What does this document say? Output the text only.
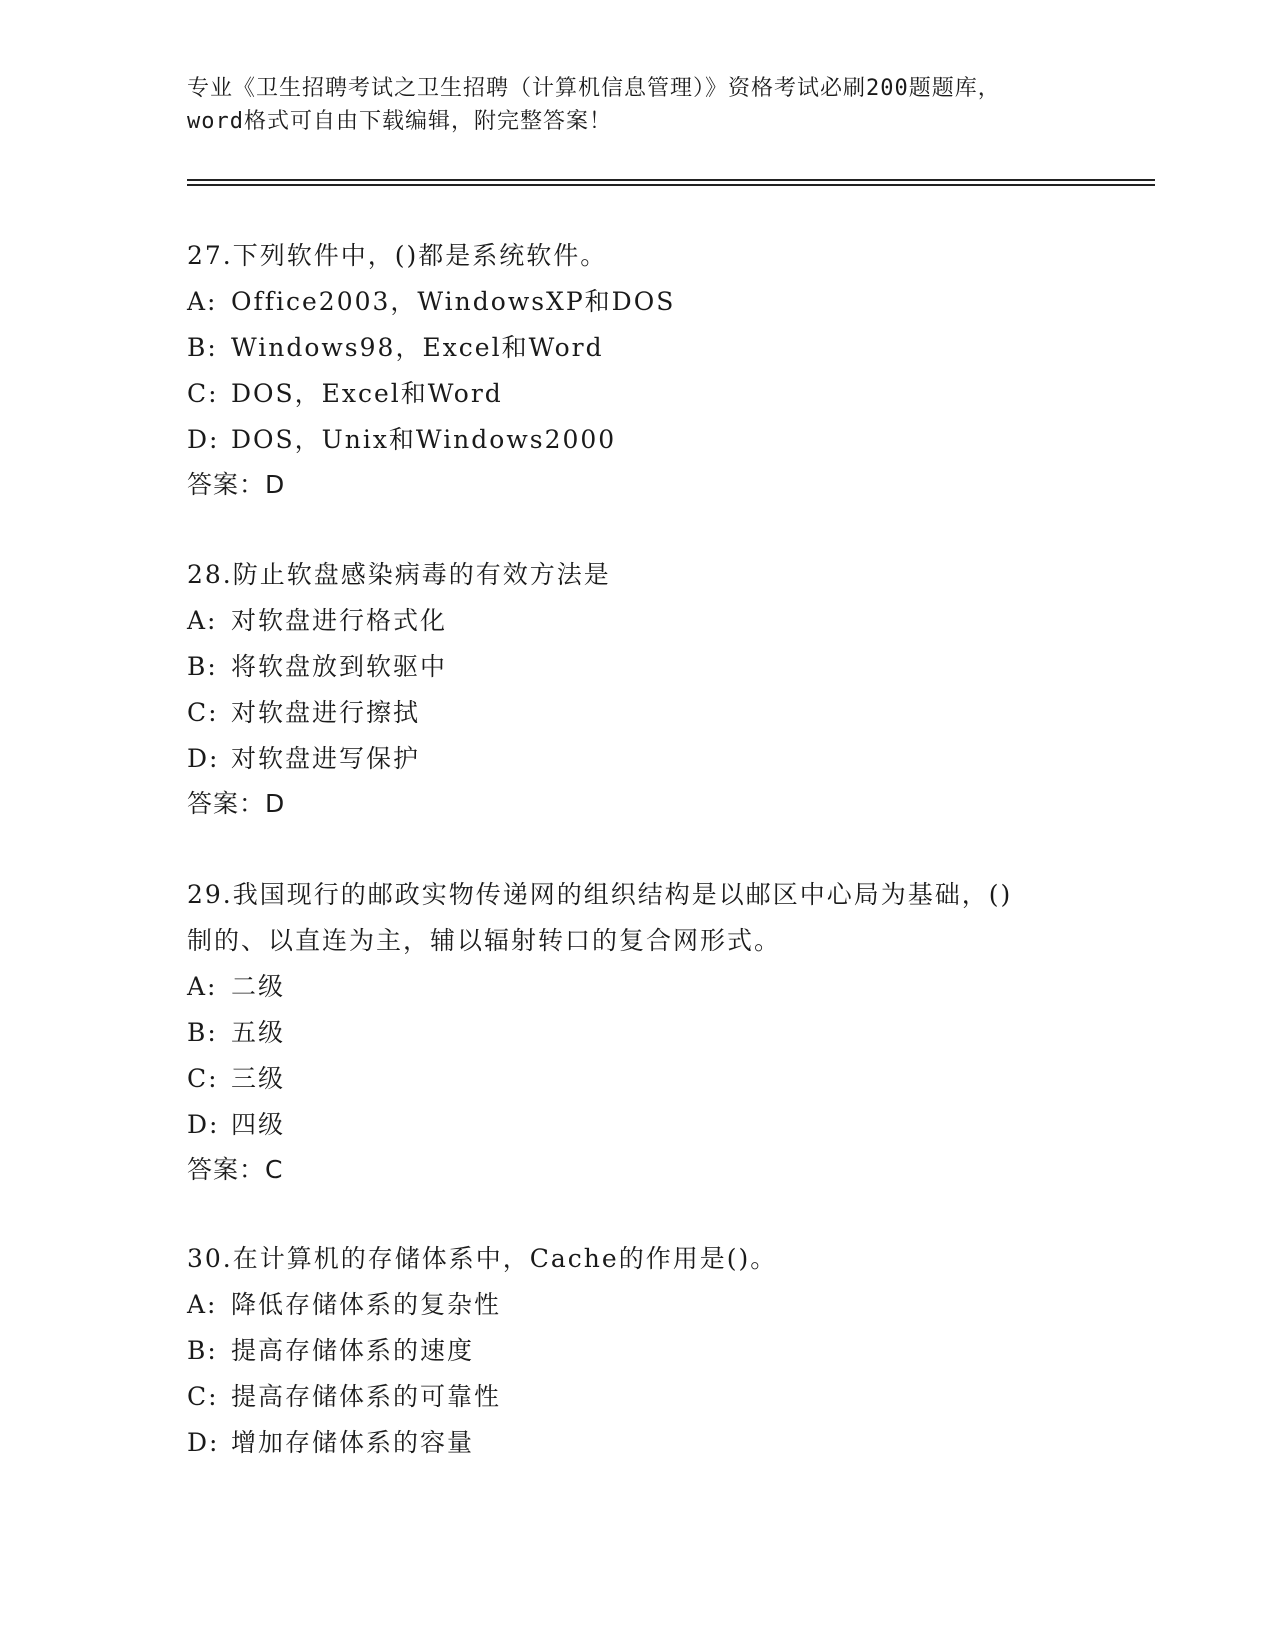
专业《卫生招聘考试之卫生招聘（计算机信息管理）》资格考试必刷200题题库，
word格式可自由下载编辑，附完整答案！
27.下列软件中，()都是系统软件。
A: Office2003，WindowsXP和DOS
B: Windows98，Excel和Word
C: DOS，Excel和Word
D: DOS，Unix和Windows2000
答案：D
28.防止软盘感染病毒的有效方法是
A: 对软盘进行格式化
B: 将软盘放到软驱中
C: 对软盘进行擦拭
D: 对软盘进写保护
答案：D
29.我国现行的邮政实物传递网的组织结构是以邮区中心局为基础，()
制的、以直连为主，辅以辐射转口的复合网形式。
A: 二级
B: 五级
C: 三级
D: 四级
答案：C
30.在计算机的存储体系中，Cache的作用是()。
A: 降低存储体系的复杂性
B: 提高存储体系的速度
C: 提高存储体系的可靠性
D: 增加存储体系的容量
